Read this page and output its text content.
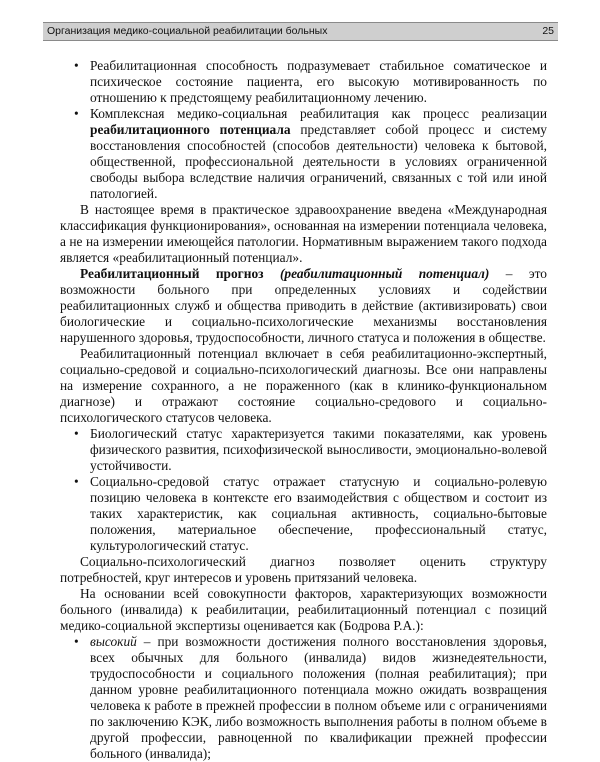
Организация медико-социальной реабилитации больных	25

• Реабилитационная способность подразумевает стабильное соматическое и психическое состояние пациента, его высокую мотивированность по отношению к предстоящему реабилитационному лечению.

• Комплексная медико-социальная реабилитация как процесс реализации реабилитационного потенциала представляет собой процесс и систему восстановления способностей (способов деятельности) человека к бытовой, общественной, профессиональной деятельности в условиях ограниченной свободы выбора вследствие наличия ограничений, связанных с той или иной патологией.

В настоящее время в практическое здравоохранение введена «Международная классификация функционирования», основанная на измерении потенциала человека, а не на измерении имеющейся патологии. Нормативным выражением такого подхода является «реабилитационный потенциал».

Реабилитационный прогноз (реабилитационный потенциал) – это возможности больного при определенных условиях и содействии реабилитационных служб и общества приводить в действие (активизировать) свои биологические и социально-психологические механизмы восстановления нарушенного здоровья, трудоспособности, личного статуса и положения в обществе.

Реабилитационный потенциал включает в себя реабилитационно-экспертный, социально-средовой и социально-психологический диагнозы. Все они направлены на измерение сохранного, а не пораженного (как в клинико-функциональном диагнозе) и отражают состояние социально-средового и социально-психологического статусов человека.

• Биологический статус характеризуется такими показателями, как уровень физического развития, психофизической выносливости, эмоционально-волевой устойчивости.

• Социально-средовой статус отражает статусную и социально-ролевую позицию человека в контексте его взаимодействия с обществом и состоит из таких характеристик, как социальная активность, социально-бытовые положения, материальное обеспечение, профессиональный статус, культурологический статус.

Социально-психологический диагноз позволяет оценить структуру потребностей, круг интересов и уровень притязаний человека.

На основании всей совокупности факторов, характеризующих возможности больного (инвалида) к реабилитации, реабилитационный потенциал с позиций медико-социальной экспертизы оценивается как (Бодрова Р.А.):

• высокий – при возможности достижения полного восстановления здоровья, всех обычных для больного (инвалида) видов жизнедеятельности, трудоспособности и социального положения (полная реабилитация); при данном уровне реабилитационного потенциала можно ожидать возвращения человека к работе в прежней профессии в полном объеме или с ограничениями по заключению КЭК, либо возможность выполнения работы в полном объеме в другой профессии, равноценной по квалификации прежней профессии больного (инвалида);
